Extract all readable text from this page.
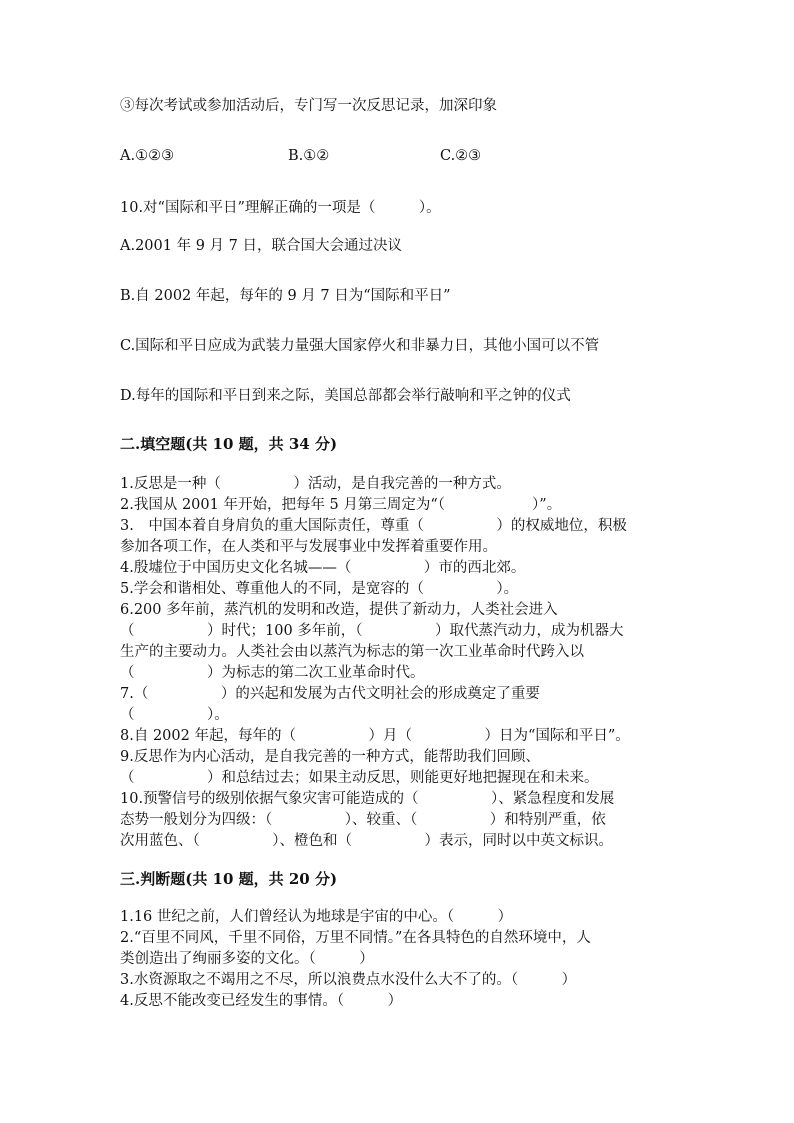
③每次考试或参加活动后，专门写一次反思记录，加深印象
A.①②③	B.①②	C.②③
10.对“国际和平日”理解正确的一项是（　　　）。
A.2001 年 9 月 7 日，联合国大会通过决议
B.自 2002 年起，每年的 9 月 7 日为“国际和平日”
C.国际和平日应成为武装力量强大国家停火和非暴力日，其他小国可以不管
D.每年的国际和平日到来之际，美国总部都会举行敲响和平之钟的仪式
二.填空题(共 10 题，共 34 分)
1.反思是一种（　　　　　）活动，是自我完善的一种方式。
2.我国从 2001 年开始，把每年 5 月第三周定为“（　　　　　　）”。
3.　中国本着自身肩负的重大国际责任，尊重（　　　　　）的权威地位，积极
参加各项工作，在人类和平与发展事业中发挥着重要作用。
4.殷墟位于中国历史文化名城——（　　　　　）市的西北郊。
5.学会和谐相处、尊重他人的不同，是宽容的（　　　　　）。
6.200 多年前，蒸汽机的发明和改造，提供了新动力，人类社会进入
（　　　　　）时代；100 多年前，（　　　　　）取代蒸汽动力，成为机器大
生产的主要动力。人类社会由以蒸汽为标志的第一次工业革命时代跨入以
（　　　　　）为标志的第二次工业革命时代。
7.（　　　　　）的兴起和发展为古代文明社会的形成奠定了重要
（　　　　　）。
8.自 2002 年起，每年的（　　　　　）月（　　　　　）日为“国际和平日”。
9.反思作为内心活动，是自我完善的一种方式，能帮助我们回顾、
（　　　　　）和总结过去；如果主动反思，则能更好地把握现在和未来。
10.预警信号的级别依据气象灾害可能造成的（　　　　　）、紧急程度和发展
态势一般划分为四级：（　　　　　）、较重、（　　　　　）和特别严重，依
次用蓝色、（　　　　　）、橙色和（　　　　　）表示，同时以中英文标识。
三.判断题(共 10 题，共 20 分)
1.16 世纪之前，人们曾经认为地球是宇宙的中心。（　　　）
2.“百里不同风，千里不同俗，万里不同情。”在各具特色的自然环境中，人
类创造出了绚丽多姿的文化。（　　　）
3.水资源取之不竭用之不尽，所以浪费点水没什么大不了的。（　　　）
4.反思不能改变已经发生的事情。（　　　）
